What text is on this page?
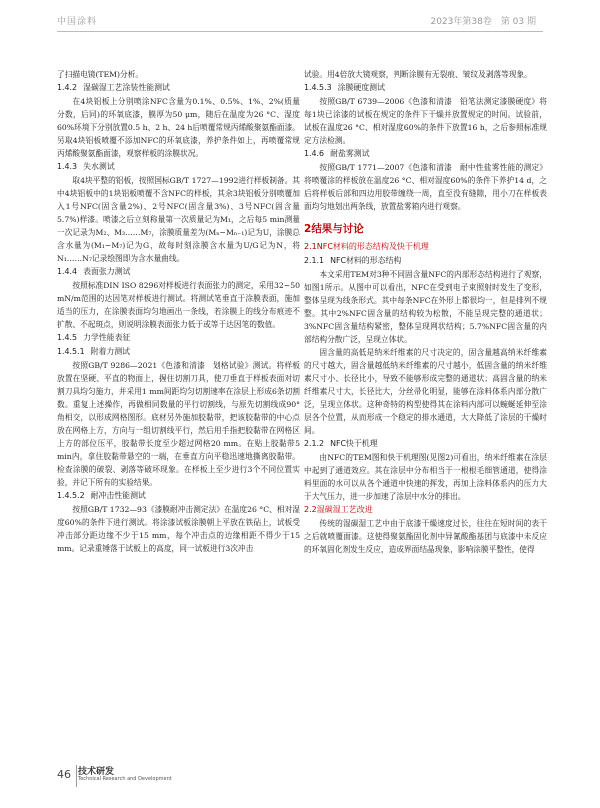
中国涂料	2023年第38卷　第 03 期

了扫描电镜(TEM)分析。

1.4.2 湿碳湿工艺涂装性能测试

在4块铝板上分别喷涂NFC含量为0.1%、0.5%、1%、2%(质量分数，后同)的环氧底漆，膜厚为50 μm，随后在温度为26 °C、湿度60%环境下分别放置0.5 h、2 h、24 h后喷覆常规丙烯酸聚氨酯面漆。另取4块铝板喷覆不添加NFC的环氧底漆，养护条件如上，再喷覆常规丙烯酸聚氨酯面漆，观察样板的涂膜状况。

1.4.3 失水测试

取4块平整的铝板，按照国标GB/T 1727—1992进行样板制备。其中4块铝板中的1块铝板喷覆不含NFC的样板，其余3块铝板分别喷覆加入1号NFC(固含量2%)、2号NFC(固含量3%)、3号NFC(固含量5.7%)样漆。喷漆之后立刻称量第一次质量记为M₁，之后每5 min测量一次记录为M₂、M₃……M₇，涂膜质量差为(Mₙ−Mₙ₋₁)记为U，涂膜总含水量为(M₁−M₇)记为G，故每时刻涂膜含水量为U/G记为N，将N₁……N₇记录绘图即为含水量曲线。

1.4.4 表面张力测试

按照标准DIN ISO 8296对样板进行表面张力的测定，采用32~50 mN/m范围的达因笔对样板进行测试。将测试笔垂直于涂膜表面，施加适当的压力，在涂膜表面均匀地画出一条线，若涂膜上的线分布痕迹不扩散、不起斑点，则说明涂膜表面张力低于或等于达因笔的数值。

1.4.5 力学性能表征
1.4.5.1 附着力测试

按照GB/T 9286—2021《色漆和清漆　划格试验》测试。将样板放置在坚硬、平直的物面上，握住切割刀具，使刀垂直于样板表面对切割刀具均匀施力，并采用1 mm间距均匀切割速率在涂层上形成6条切割数。重复上述操作，再做相同数量的平行切割线，与原先切割线成90°角相交，以形成网格图形。底材另外施加胶黏带，把该胶黏带的中心点放在网格上方，方向与一组切割线平行，然后用手指把胶黏带在网格区上方的部位压平，胶黏带长度至少超过网格20 mm。在贴上胶黏带5 min内，拿住胶黏带悬空的一端，在垂直方向平稳迅速地撕离胶黏带。检查涂膜的破裂、剥落等破坏现象。在样板上至少进行3个不同位置实验，并记下所有的实验结果。

1.4.5.2 耐冲击性能测试

按照GB/T 1732—93《漆膜耐冲击测定法》在温度26 °C、相对湿度60%的条件下进行测试。将涂漆试板涂膜朝上平放在铁砧上，试板受冲击部分距边缘不少于15 mm，每个冲击点的边缘相距不得少于15 mm。记录重锤落于试板上的高度，同一试板进行3次冲击

试验。用4倍放大镜观察，判断涂膜有无裂痕、皱纹及剥落等现象。

1.4.5.3 涂膜硬度测试

按照GB/T 6739—2006《色漆和清漆　铅笔法测定漆膜硬度》将每1块已涂漆的试板在规定的条件下干燥并放置规定的时间。试验前，试板在温度26 °C、相对湿度60%的条件下放置16 h，之后参照标准规定方法检测。

1.4.6 耐盐雾测试

按照GB/T 1771—2007《色漆和清漆　耐中性盐雾性能的测定》将喷覆涂的样板放在温度26 °C、相对湿度60%的条件下养护14 d，之后将样板后部和四边用胶带缠绕一周，直至没有缝隙，用小刀在样板表面均匀地划出两条线，放置盐雾箱内进行观察。

2结果与讨论
2.1NFC材料的形态结构及快干机理
2.1.1 NFC材料的形态结构

本文采用TEM对3种不同固含量NFC的内部形态结构进行了观察，如图1所示。从图中可以看出，NFC在受到电子束照射时发生了变形，整体呈现为线条形式。其中每条NFC在外形上都很均一，但是排列不规整。其中2%NFC固含量的结构较为松散，不能呈现完整的通道状；3%NFC固含量结构紧密，整体呈现网状结构；5.7%NFC固含量的内部结构分散广泛，呈现立体状。

固含量的高低是纳米纤维素的尺寸决定的，固含量越高纳米纤维素的尺寸越大，固含量越低纳米纤维素的尺寸越小，低固含量的纳米纤维素尺寸小、长径比小，导致不能够形成完整的通道状；高固含量的纳米纤维素尺寸大，长径比大，分丝帚化明显，能够在涂料体系内部分散广泛，呈现立体状。这种奇特的构型使得其在涂料内部可以蜿蜒延伸至涂层各个位置，从而形成一个稳定的排水通道，大大降低了涂层的干燥时间。

2.1.2 NFC快干机理

由NFC的TEM图和快干机理图(见图2)可看出，纳米纤维素在涂层中起到了通道效应。其在涂层中分布相当于一根根毛细管通道，使得涂料里面的水可以从各个通道中快速的挥发，再加上涂料体系内的压力大于大气压力，进一步加速了涂层中水分的排出。

2.2湿碳湿工艺改进

传统的湿碳湿工艺中由于底漆干燥速度过长，往往在短时间的表干之后就喷覆面漆。这使得聚氨酯固化剂中异氰酸酯基团与底漆中未反应的环氧固化剂发生反应，造成界面结晶现象，影响涂膜平整性，使得

46 技术研发
Technical Research and Development
